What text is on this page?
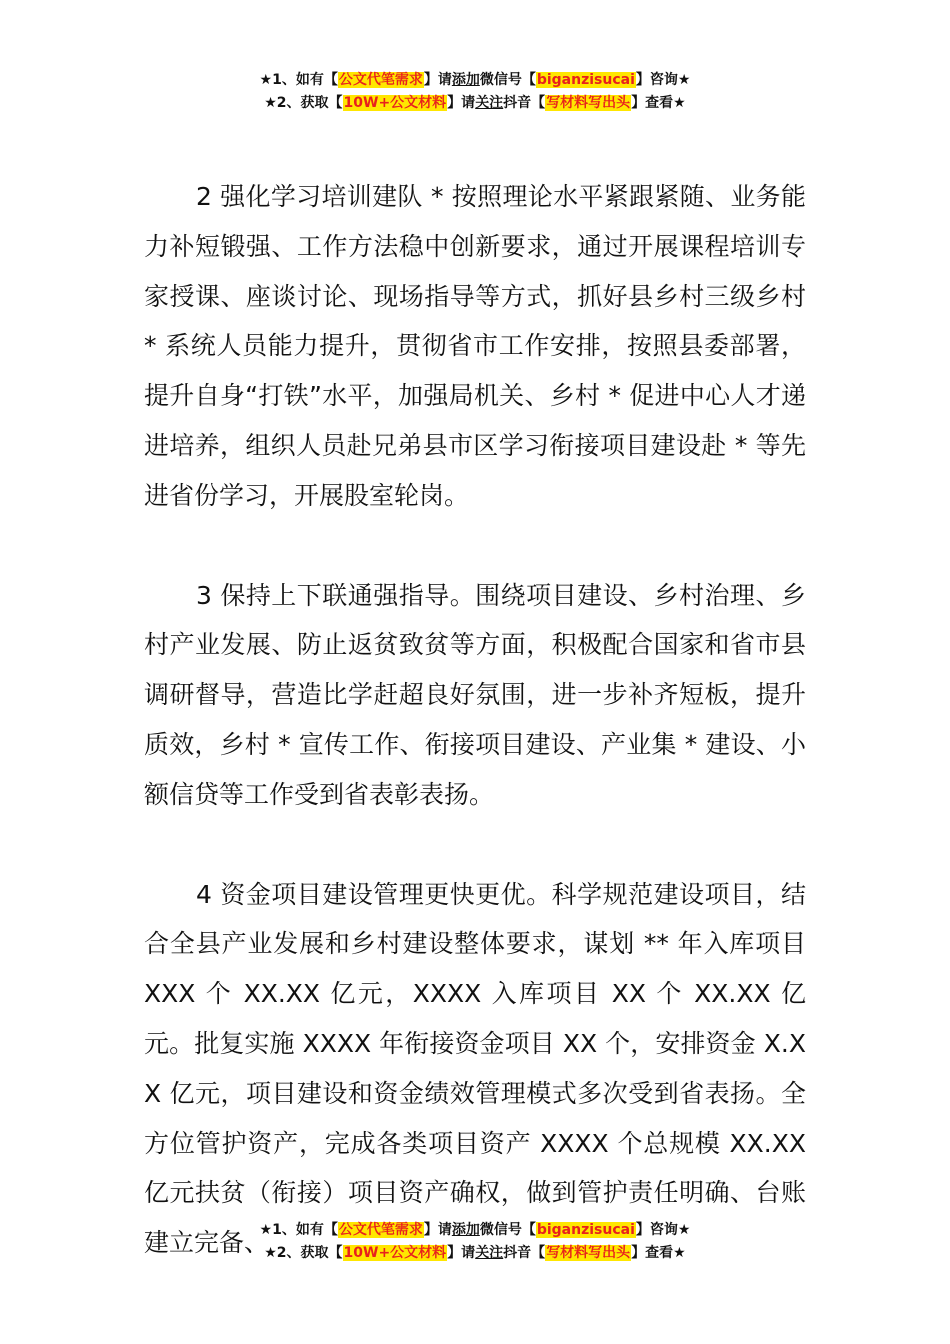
★1、如有【公文代笔需求】请添加微信号【biganzisucai】咨询★
★2、获取【10W+公文材料】请关注抖音【写材料写出头】查看★

2 强化学习培训建队 * 按照理论水平紧跟紧随、业务能力补短锻强、工作方法稳中创新要求，通过开展课程培训专家授课、座谈讨论、现场指导等方式，抓好县乡村三级乡村 * 系统人员能力提升，贯彻省市工作安排，按照县委部署，提升自身“打铁”水平，加强局机关、乡村 * 促进中心人才递进培养，组织人员赴兄弟县市区学习衔接项目建设赴 * 等先进省份学习，开展股室轮岗。

3 保持上下联通强指导。围绕项目建设、乡村治理、乡村产业发展、防止返贫致贫等方面，积极配合国家和省市县调研督导，营造比学赶超良好氛围，进一步补齐短板，提升质效，乡村 * 宣传工作、衔接项目建设、产业集 * 建设、小额信贷等工作受到省表彰表扬。

4 资金项目建设管理更快更优。科学规范建设项目，结合全县产业发展和乡村建设整体要求，谋划 ** 年入库项目 XXX 个 XX.XX 亿元，XXXX 入库项目 XX 个 XX.XX 亿元。批复实施 XXXX 年衔接资金项目 XX 个，安排资金 X.XX 亿元，项目建设和资金绩效管理模式多次受到省表扬。全方位管护资产，完成各类项目资产 XXXX 个总规模 XX.XX 亿元扶贫（衔接）项目资产确权，做到管护责任明确、台账建立完备、

★1、如有【公文代笔需求】请添加微信号【biganzisucai】咨询★
★2、获取【10W+公文材料】请关注抖音【写材料写出头】查看★
